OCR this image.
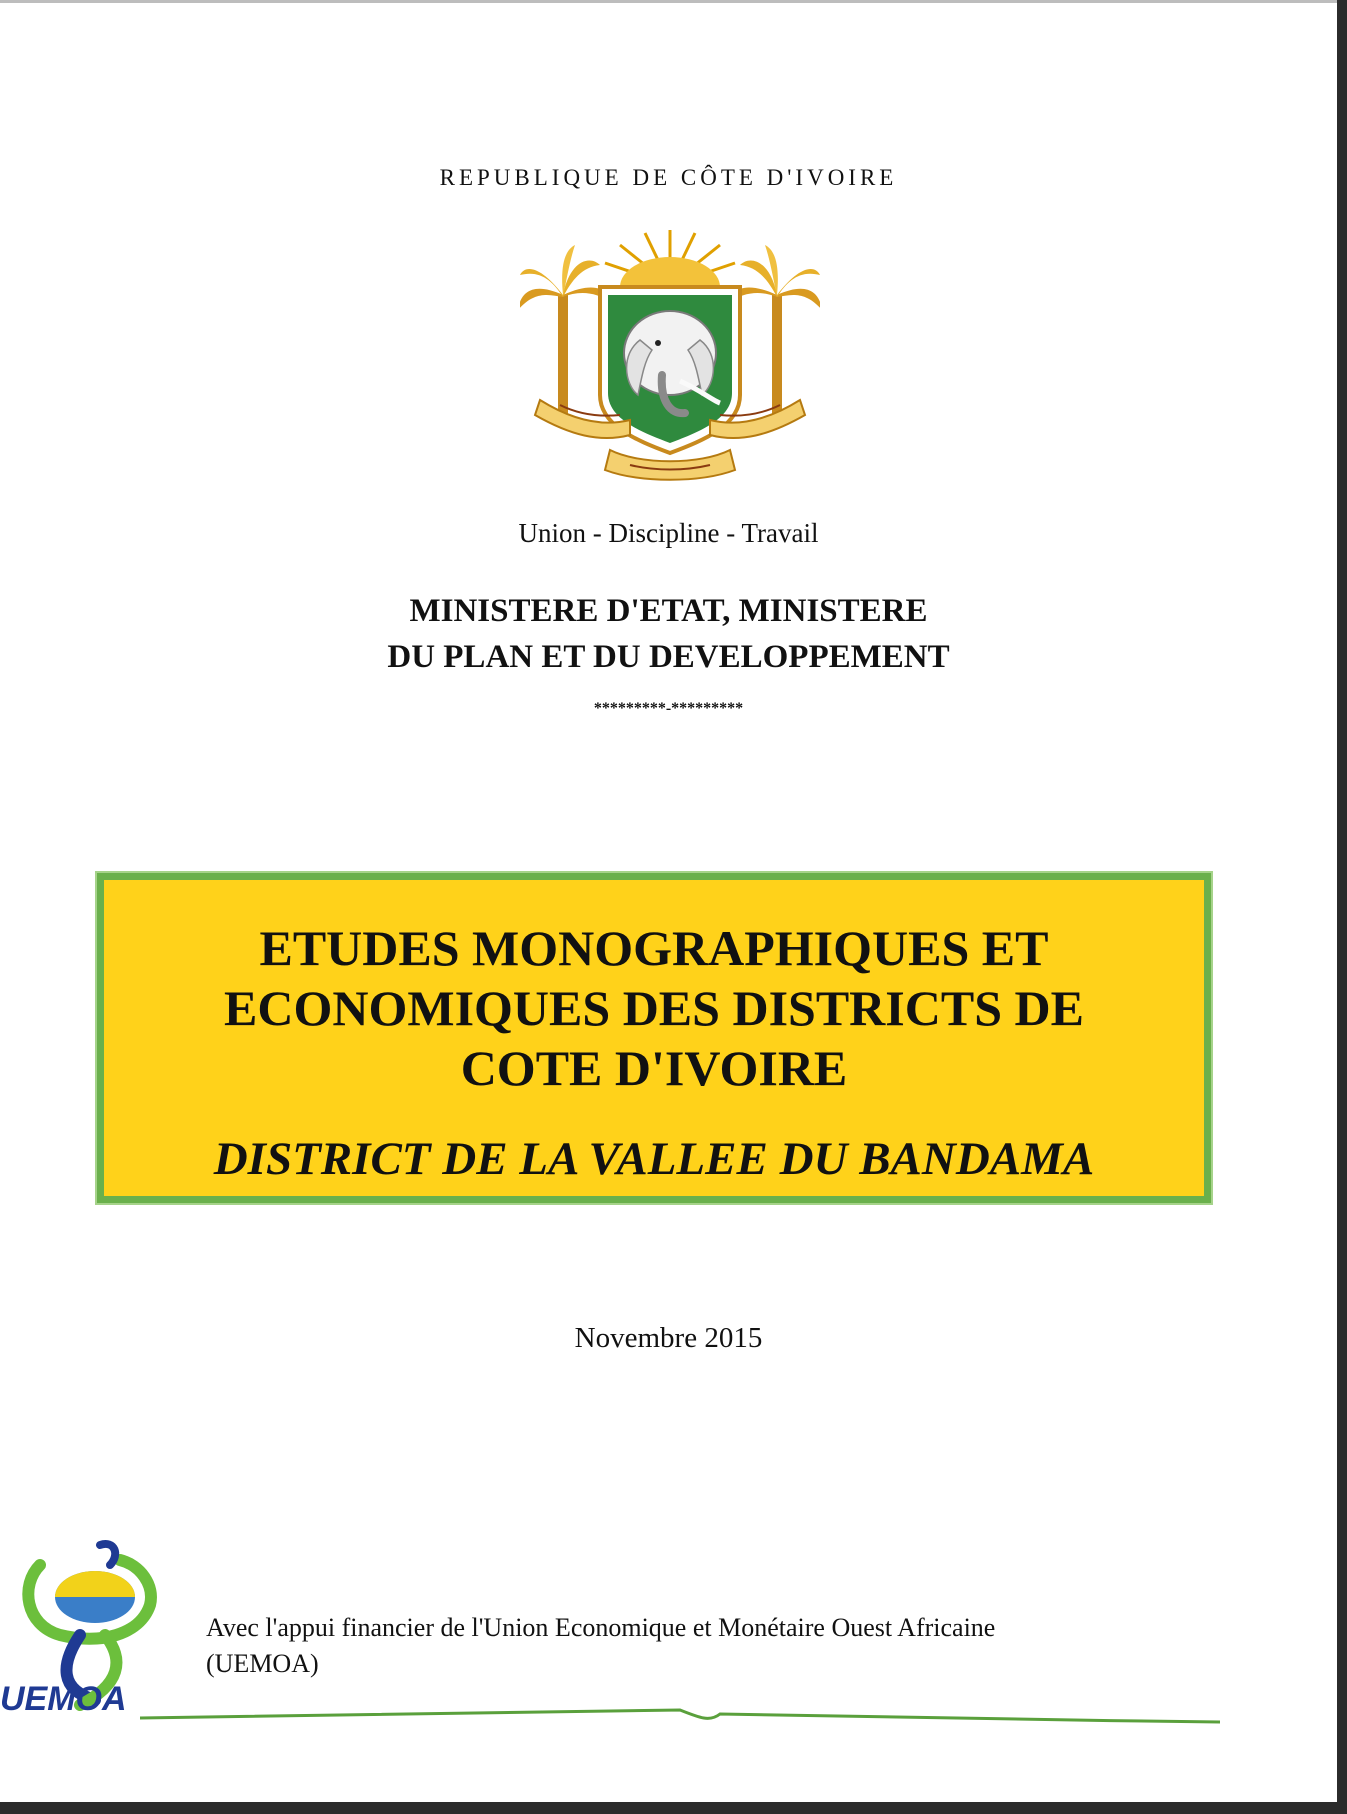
REPUBLIQUE DE CÔTE D'IVOIRE
Union - Discipline - Travail
MINISTERE D'ETAT, MINISTERE
DU PLAN ET DU DEVELOPPEMENT
*********-*********
ETUDES MONOGRAPHIQUES ET
ECONOMIQUES DES DISTRICTS DE
COTE D'IVOIRE
DISTRICT DE LA VALLEE DU BANDAMA
Novembre 2015
UEMOA
Avec l'appui financier de l'Union Economique et Monétaire Ouest Africaine
(UEMOA)
